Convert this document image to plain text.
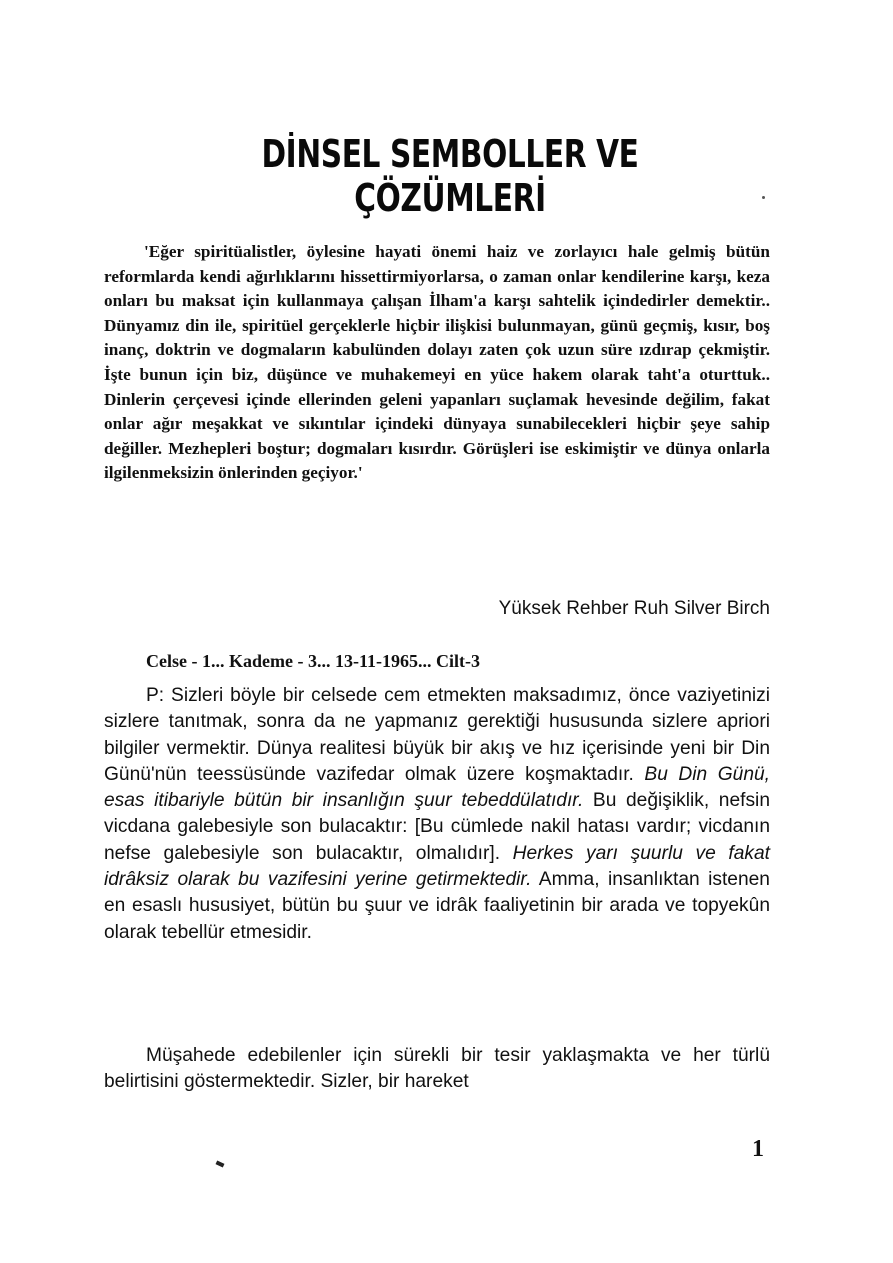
DİNSEL SEMBOLLER VE ÇÖZÜMLERİ

'Eğer spiritüalistler, öylesine hayati önemi haiz ve zorlayıcı hale gelmiş bütün reformlarda kendi ağırlıklarını hissettirmiyorlarsa, o zaman onlar kendilerine karşı, keza onları bu maksat için kullanmaya çalışan İlham'a karşı sahtelik içindedirler demektir.. Dünyamız din ile, spiritüel gerçeklerle hiçbir ilişkisi bulunmayan, günü geçmiş, kısır, boş inanç, doktrin ve dogmaların kabulünden dolayı zaten çok uzun süre ızdırap çekmiştir. İşte bunun için biz, düşünce ve muhakemeyi en yüce hakem olarak taht'a oturttuk.. Dinlerin çerçevesi içinde ellerinden geleni yapanları suçlamak hevesinde değilim, fakat onlar ağır meşakkat ve sıkıntılar içindeki dünyaya sunabilecekleri hiçbir şeye sahip değiller. Mezhepleri boştur; dogmaları kısırdır. Görüşleri ise eskimiştir ve dünya onlarla ilgilenmeksizin önlerinden geçiyor.'

Yüksek Rehber Ruh Silver Birch
Celse - 1... Kademe - 3... 13-11-1965... Cilt-3

P: Sizleri böyle bir celsede cem etmekten maksadımız, önce vaziyetinizi sizlere tanıtmak, sonra da ne yapmanız gerektiği hususunda sizlere apriori bilgiler vermektir. Dünya realitesi büyük bir akış ve hız içerisinde yeni bir Din Günü'nün teessüsünde vazifedar olmak üzere koşmaktadır. Bu Din Günü, esas itibariyle bütün bir insanlığın şuur tebeddülatıdır. Bu değişiklik, nefsin vicdana galebesiyle son bulacaktır: [Bu cümlede nakil hatası vardır; vicdanın nefse galebesiyle son bulacaktır, olmalıdır]. Herkes yarı şuurlu ve fakat idrâksiz olarak bu vazifesini yerine getirmektedir. Amma, insanlıktan istenen en esaslı hususiyet, bütün bu şuur ve idrâk faaliyetinin bir arada ve topyekûn olarak tebellür etmesidir.

Müşahede edebilenler için sürekli bir tesir yaklaşmakta ve her türlü belirtisini göstermektedir. Sizler, bir hareket

1
